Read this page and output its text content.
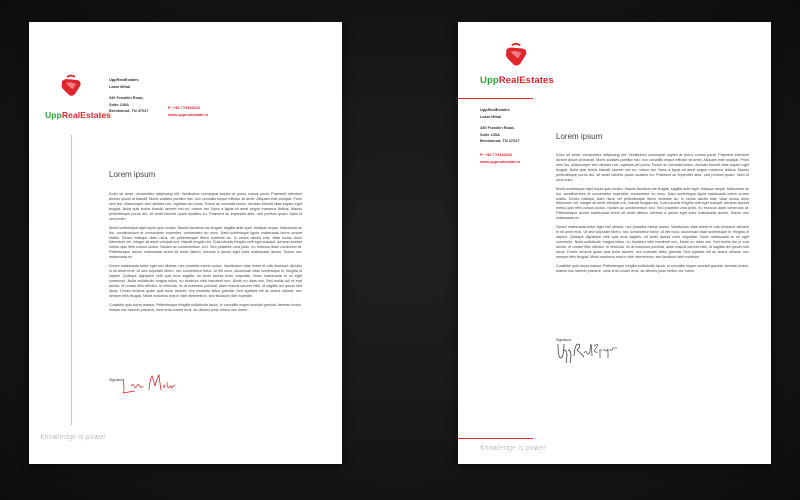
UppRealEstates
UppRealEstates
Lazar Mihai
330 Franklin Road,
Suite 135A
Brentwood, TN 37027
P: +40 770316342
www.upprealestate.ro
Lorem ipsum

Dolor sit amet, consectetur adipiscing elit. Vestibulum consequat sapien at purus cursus porta. Praesent interdum dictum ipsum at blandit. Morbi sodales porttitor nisi, non convallis neque efficitur sit amet. Aliquam erat volutpat. Proin sem leo, ullamcorper sed ultricies non, egestas vel purus. Fusce ac convallis lectus. Aenean blandit vitae sapien eget feugiat. Nulla quis lectus blandit, laoreet nisi eu, rutrum est. Nunc a ligula sit amet augue maximus finibus. Mauris pellentesque purus dui, sit amet lobortis quam sodales eu. Praesent ac imperdiet ante, sed pretium quam. Nam id urna enim.

Morbi scelerisque eget turpis quis ornare. Mauris faucibus est feugiat, sagittis ante eget, tristique neque. Maecenas ac leo, condimentum et consectetur imperdiet, consectetur eu nunc. Nam scelerisque ligula malesuada lorem ornare mattis. Donec tristique diam risus, vel pellentesque libero molestie ac. In varius iaculis erat, vitae luctus dolor bibendum vel. Integer sit amet volutpat orci, blandit feugiat nisl. Duis lobortis fringilla velit eget suscipit. Aenean laoreet metus quis felis cursus luctus. Nullam ac condimentum orci. Sed pharetra urna justo, eu rhoncus diam commodo at. Pellentesque auctor malesuada lorem sit amet dictum. Aenean a ipsum eget dolor malesuada auctor. Donec nec malesuada ex.

Donec malesuada tortor eget nisl ultrices, nec pharetra metus auctor. Vestibulum vitae lorem et odio tincidunt ultricies in sit amet eros. Ut sed vulputate libero, nec consectetur tortor. Ut elit nunc, accumsan vitae scelerisque in, fringilla ut sapien. Quisque dignissim velit quis eros sagittis, sit amet lacinia enim vulputate. Nunc malesuada et mi eget commodo. Nulla sollicitudin magna tellus, eu tincidunt nibh hendrerit non. Morbi eu diam nisi. Sed mollis dui ut erat auctor, et ornare felis efficitur. In vehicula, mi at maximus pulvinar, diam mauris laoreet nibh, id sagittis leo ipsum sed lacus. Donec tempus quam quis dolor laoreet, non molestie tellus gravida. Sed egestas elit ac lectus ultrices, nec semper felis feugiat. Morbi maximus erat in nibh elementum, sed tincidunt nibh molestie.

Curabitur quis turpis massa. Pellentesque fringilla sollicitudin lacus, in convallis neque suscipit gravida. Aenean luctus, mauris non laoreet posuere, urna eros ornare eros, ac ultrices justo metus nec lorem.

Signature
Knowledge is power
UppRealEstates
UppRealEstates
Lazar Mihai
330 Franklin Road,
Suite 135A
Brentwood, TN 37027
P: +40 770316342
www.upprealestate.ro
Lorem ipsum

Dolor sit amet, consectetur adipiscing elit. Vestibulum consequat sapien at purus cursus porta. Praesent interdum dictum ipsum at blandit. Morbi sodales porttitor nisi, non convallis neque efficitur sit amet. Aliquam erat volutpat. Proin sem leo, ullamcorper sed ultricies non, egestas vel purus. Fusce ac convallis lectus. Aenean blandit vitae sapien eget feugiat. Nulla quis lectus blandit, laoreet nisi eu, rutrum est. Nunc a ligula sit amet augue maximus finibus. Mauris pellentesque purus dui, sit amet lobortis quam sodales eu. Praesent ac imperdiet ante, sed pretium quam. Nam id urna enim.

Morbi scelerisque eget turpis quis ornare. Mauris faucibus est feugiat, sagittis ante eget, tristique neque. Maecenas ac leo, condimentum et consectetur imperdiet, consectetur eu nunc. Nam scelerisque ligula malesuada lorem ornare mattis. Donec tristique diam risus, vel pellentesque libero molestie ac. In varius iaculis erat, vitae luctus dolor bibendum vel. Integer sit amet volutpat orci, blandit feugiat nisl. Duis lobortis fringilla velit eget suscipit. Aenean laoreet metus quis felis cursus luctus. Nullam ac condimentum orci. Sed pharetra urna justo, eu rhoncus diam commodo at. Pellentesque auctor malesuada lorem sit amet dictum. Aenean a ipsum eget dolor malesuada auctor. Donec nec malesuada ex.

Donec malesuada tortor eget nisl ultrices, nec pharetra metus auctor. Vestibulum vitae lorem et odio tincidunt ultricies in sit amet eros. Ut sed vulputate libero, nec consectetur tortor. Ut elit nunc, accumsan vitae scelerisque in, fringilla ut sapien. Quisque dignissim velit quis eros sagittis, sit amet lacinia enim vulputate. Nunc malesuada et mi eget commodo. Nulla sollicitudin magna tellus, eu tincidunt nibh hendrerit non. Morbi eu diam nisi. Sed mollis dui ut erat auctor, et ornare felis efficitur. In vehicula, mi at maximus pulvinar, diam mauris laoreet nibh, id sagittis leo ipsum sed lacus. Donec tempus quam quis dolor laoreet, non molestie tellus gravida. Sed egestas elit ac lectus ultrices, nec semper felis feugiat. Morbi maximus erat in nibh elementum, sed tincidunt nibh molestie.

Curabitur quis turpis massa. Pellentesque fringilla sollicitudin lacus, in convallis neque suscipit gravida. Aenean luctus, mauris non laoreet posuere, urna eros ornare eros, ac ultrices justo metus nec lorem.

Signature
Knowledge is power
